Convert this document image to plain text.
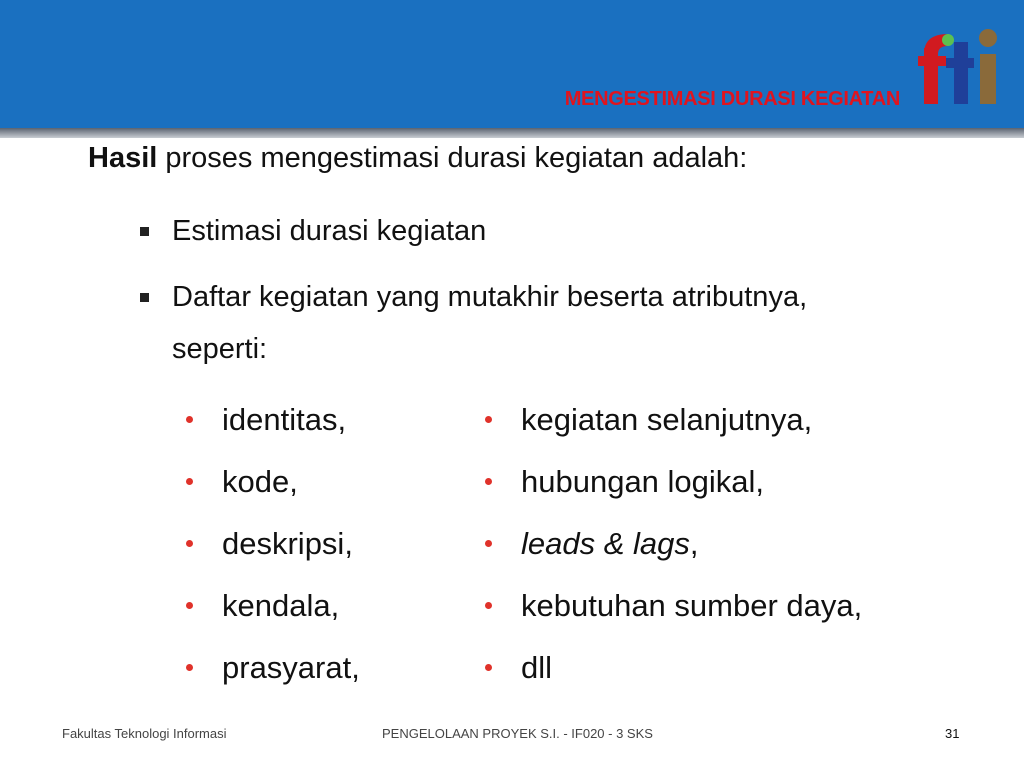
MENGESTIMASI DURASI KEGIATAN
Hasil proses mengestimasi durasi kegiatan adalah:
Estimasi durasi kegiatan
Daftar kegiatan yang mutakhir beserta atributnya,
seperti:
identitas,
kode,
deskripsi,
kendala,
prasyarat,
kegiatan selanjutnya,
hubungan logikal,
leads & lags,
kebutuhan sumber daya,
dll
Fakultas Teknologi Informasi	PENGELOLAAN PROYEK S.I. - IF020 - 3 SKS	31
